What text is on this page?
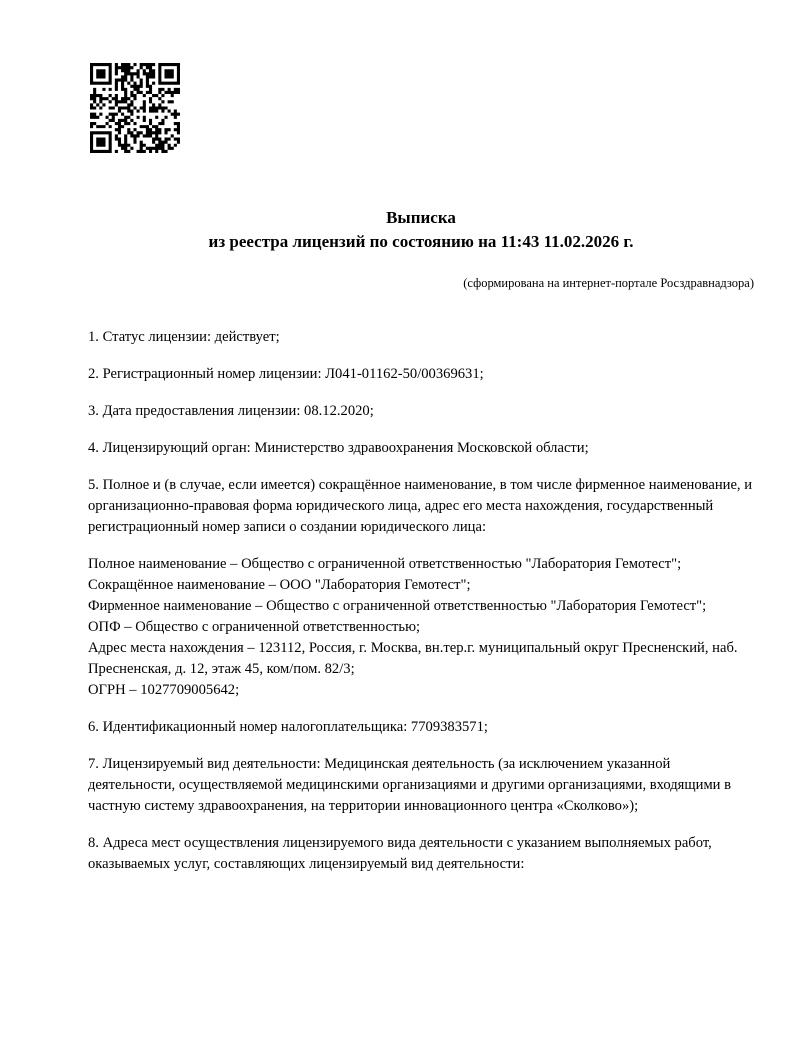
Выписка
из реестра лицензий по состоянию на 11:43 11.02.2026 г.
(сформирована на интернет-портале Росздравнадзора)
1. Статус лицензии: действует;
2. Регистрационный номер лицензии: Л041-01162-50/00369631;
3. Дата предоставления лицензии: 08.12.2020;
4. Лицензирующий орган: Министерство здравоохранения Московской области;
5. Полное и (в случае, если имеется) сокращённое наименование, в том числе фирменное наименование, и организационно-правовая форма юридического лица, адрес его места нахождения, государственный регистрационный номер записи о создании юридического лица:
Полное наименование – Общество с ограниченной ответственностью "Лаборатория Гемотест";
Сокращённое наименование – ООО "Лаборатория Гемотест";
Фирменное наименование – Общество с ограниченной ответственностью "Лаборатория Гемотест";
ОПФ – Общество с ограниченной ответственностью;
Адрес места нахождения – 123112, Россия, г. Москва, вн.тер.г. муниципальный округ Пресненский, наб. Пресненская, д. 12, этаж 45, ком/пом. 82/3;
ОГРН – 1027709005642;
6. Идентификационный номер налогоплательщика: 7709383571;
7. Лицензируемый вид деятельности: Медицинская деятельность (за исключением указанной деятельности, осуществляемой медицинскими организациями и другими организациями, входящими в частную систему здравоохранения, на территории инновационного центра «Сколково»);
8. Адреса мест осуществления лицензируемого вида деятельности с указанием выполняемых работ, оказываемых услуг, составляющих лицензируемый вид деятельности:
